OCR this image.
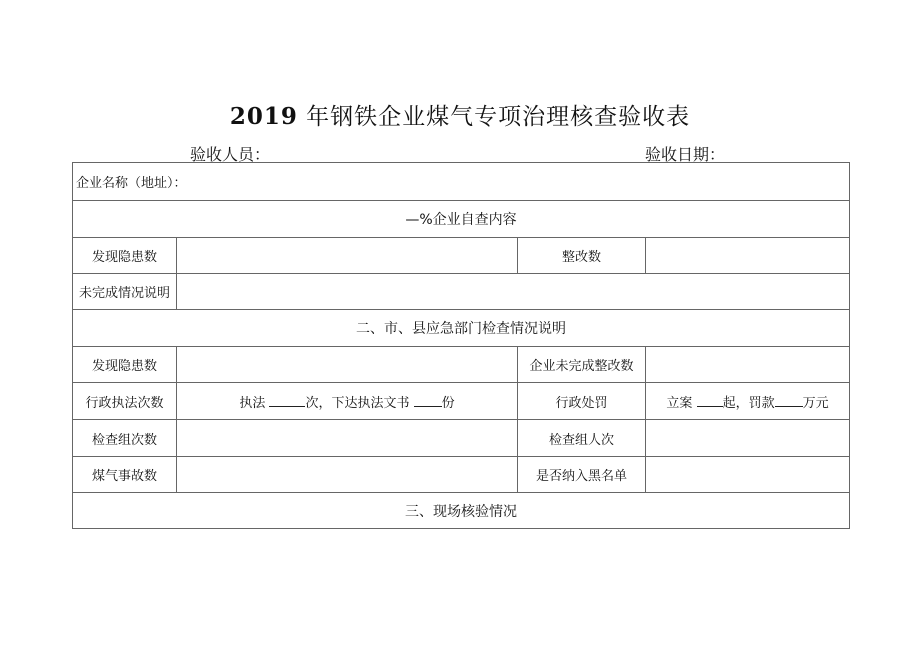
2019 年钢铁企业煤气专项治理核查验收表
验收人员：	验收日期：
企业名称（地址）：			
—%企业自查内容			
发现隐患数		整改数	
未完成情况说明			
二、市、县应急部门检查情况说明			
发现隐患数		企业未完成整改数	
行政执法次数	执法 次，下达执法文书 份	行政处罚	立案 起，罚款 万元
检查组次数		检查组人次	
煤气事故数		是否纳入黑名单	
三、现场核验情况			
